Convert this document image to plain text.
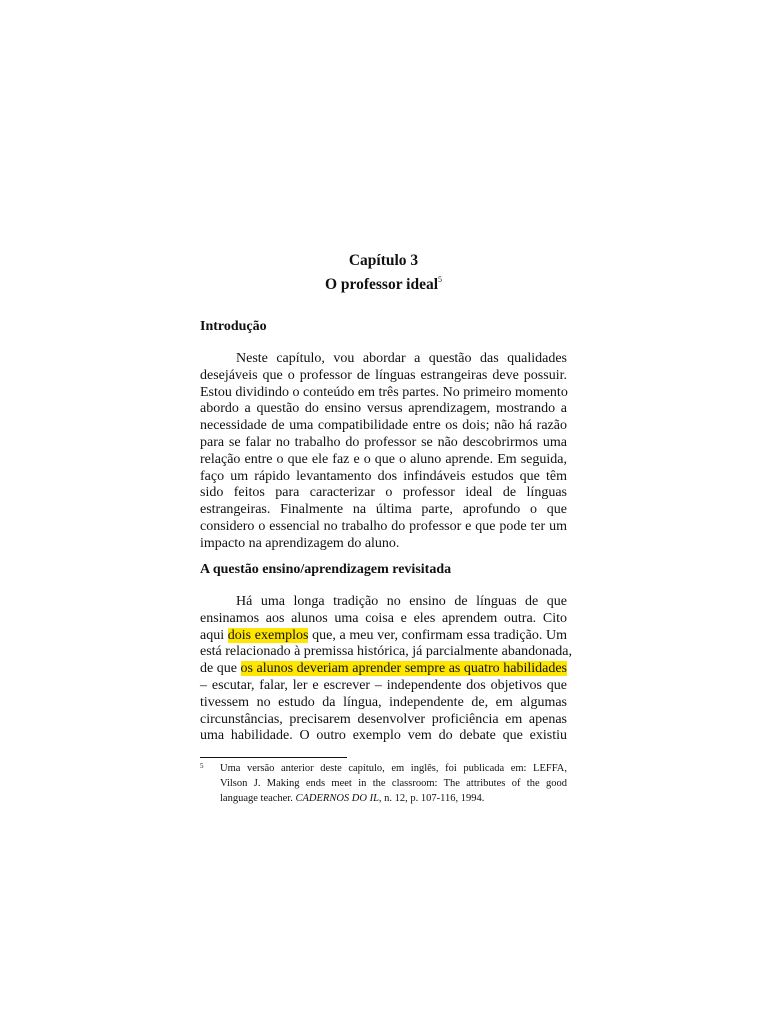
Capítulo 3
O professor ideal$^5$
Introdução
Neste capítulo, vou abordar a questão das qualidades
desejáveis que o professor de línguas estrangeiras deve possuir.
Estou dividindo o conteúdo em três partes. No primeiro momento
abordo a questão do ensino versus aprendizagem, mostrando a
necessidade de uma compatibilidade entre os dois; não há razão
para se falar no trabalho do professor se não descobrirmos uma
relação entre o que ele faz e o que o aluno aprende. Em seguida,
faço um rápido levantamento dos infindáveis estudos que têm
sido feitos para caracterizar o professor ideal de línguas
estrangeiras. Finalmente na última parte, aprofundo o que
considero o essencial no trabalho do professor e que pode ter um
impacto na aprendizagem do aluno.
A questão ensino/aprendizagem revisitada
Há uma longa tradição no ensino de línguas de que
ensinamos aos alunos uma coisa e eles aprendem outra. Cito
aqui dois exemplos que, a meu ver, confirmam essa tradição. Um
está relacionado à premissa histórica, já parcialmente abandonada,
de que os alunos deveriam aprender sempre as quatro habilidades
– escutar, falar, ler e escrever – independente dos objetivos que
tivessem no estudo da língua, independente de, em algumas
circunstâncias, precisarem desenvolver proficiência em apenas
uma habilidade. O outro exemplo vem do debate que existiu
5 Uma versão anterior deste capítulo, em inglês, foi publicada em: LEFFA,
Vilson J. Making ends meet in the classroom: The attributes of the good
language teacher. CADERNOS DO IL, n. 12, p. 107-116, 1994.
